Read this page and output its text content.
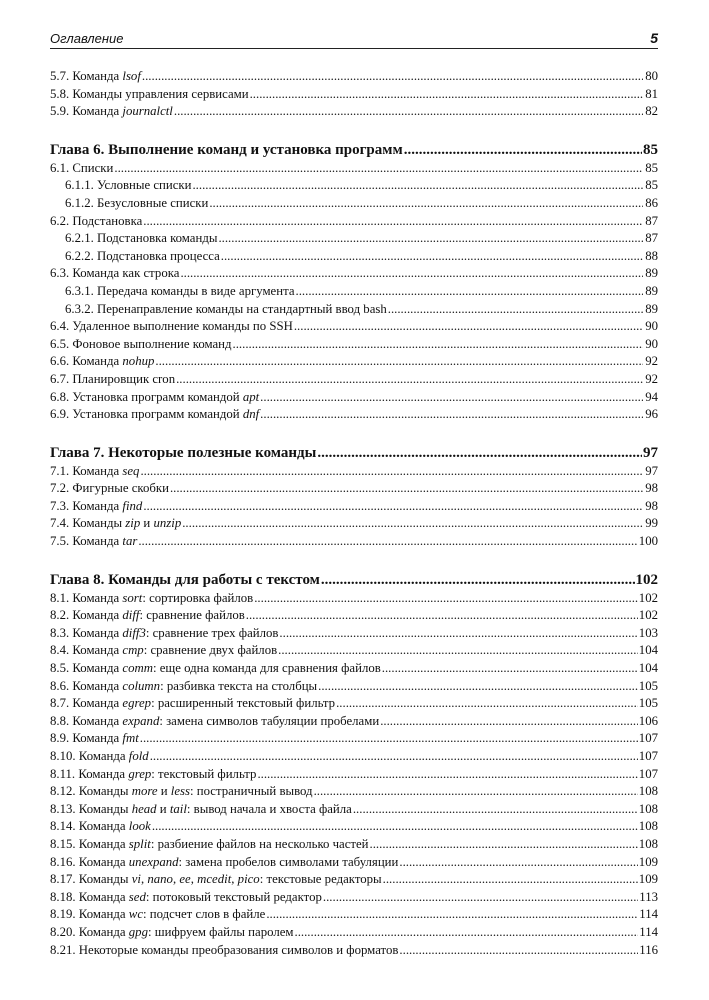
Оглавление	5
5.7. Команда lsof .....	80
5.8. Команды управления сервисами .....	81
5.9. Команда journalctl .....	82
Глава 6. Выполнение команд и установка программ .....	85
6.1. Списки .....	85
6.1.1. Условные списки .....	85
6.1.2. Безусловные списки .....	86
6.2. Подстановка .....	87
6.2.1. Подстановка команды .....	87
6.2.2. Подстановка процесса .....	88
6.3. Команда как строка .....	89
6.3.1. Передача команды в виде аргумента .....	89
6.3.2. Перенаправление команды на стандартный ввод bash .....	89
6.4. Удаленное выполнение команды по SSH .....	90
6.5. Фоновое выполнение команд .....	90
6.6. Команда nohup .....	92
6.7. Планировщик cron .....	92
6.8. Установка программ командой apt .....	94
6.9. Установка программ командой dnf .....	96
Глава 7. Некоторые полезные команды .....	97
7.1. Команда seq .....	97
7.2. Фигурные скобки .....	98
7.3. Команда find .....	98
7.4. Команды zip и unzip .....	99
7.5. Команда tar .....	100
Глава 8. Команды для работы с текстом .....	102
8.1. Команда sort: сортировка файлов .....	102
8.2. Команда diff: сравнение файлов .....	102
8.3. Команда diff3: сравнение трех файлов .....	103
8.4. Команда cmp: сравнение двух файлов .....	104
8.5. Команда comm: еще одна команда для сравнения файлов .....	104
8.6. Команда column: разбивка текста на столбцы .....	105
8.7. Команда egrep: расширенный текстовый фильтр .....	105
8.8. Команда expand: замена символов табуляции пробелами .....	106
8.9. Команда fmt .....	107
8.10. Команда fold .....	107
8.11. Команда grep: текстовый фильтр .....	107
8.12. Команды more и less: постраничный вывод .....	108
8.13. Команды head и tail: вывод начала и хвоста файла .....	108
8.14. Команда look .....	108
8.15. Команда split: разбиение файлов на несколько частей .....	108
8.16. Команда unexpand: замена пробелов символами табуляции .....	109
8.17. Команды vi, nano, ee, mcedit, pico: текстовые редакторы .....	109
8.18. Команда sed: потоковый текстовый редактор .....	113
8.19. Команда wc: подсчет слов в файле .....	114
8.20. Команда gpg: шифруем файлы паролем .....	114
8.21. Некоторые команды преобразования символов и форматов .....	116
